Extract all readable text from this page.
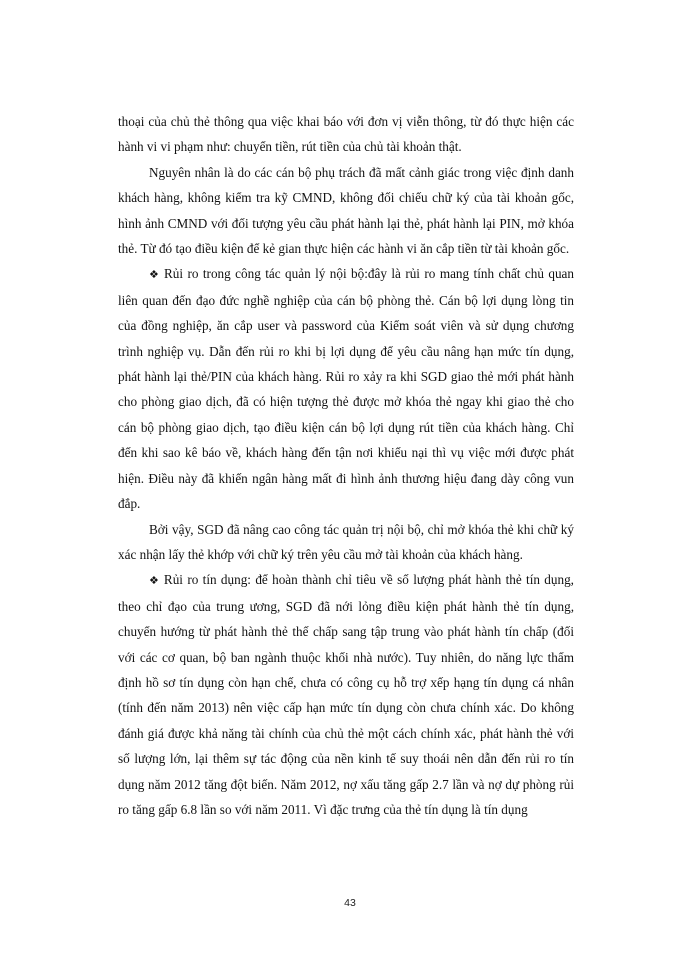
thoại của chủ thẻ thông qua việc khai báo với đơn vị viễn thông, từ đó thực hiện các hành vi vi phạm như: chuyển tiền, rút tiền của chủ tài khoản thật.

Nguyên nhân là do các cán bộ phụ trách đã mất cảnh giác trong việc định danh khách hàng, không kiểm tra kỹ CMND, không đối chiếu chữ ký của tài khoản gốc, hình ảnh CMND với đối tượng yêu cầu phát hành lại thẻ, phát hành lại PIN, mở khóa thẻ. Từ đó tạo điều kiện để kẻ gian thực hiện các hành vi ăn cắp tiền từ tài khoản gốc.

❖ Rủi ro trong công tác quản lý nội bộ:đây là rủi ro mang tính chất chủ quan liên quan đến đạo đức nghề nghiệp của cán bộ phòng thẻ. Cán bộ lợi dụng lòng tin của đồng nghiệp, ăn cắp user và password của Kiểm soát viên và sử dụng chương trình nghiệp vụ. Dẫn đến rủi ro khi bị lợi dụng để yêu cầu nâng hạn mức tín dụng, phát hành lại thẻ/PIN của khách hàng. Rủi ro xảy ra khi SGD giao thẻ mới phát hành cho phòng giao dịch, đã có hiện tượng thẻ được mở khóa thẻ ngay khi giao thẻ cho cán bộ phòng giao dịch, tạo điều kiện cán bộ lợi dụng rút tiền của khách hàng. Chỉ đến khi sao kê báo về, khách hàng đến tận nơi khiếu nại thì vụ việc mới được phát hiện. Điều này đã khiến ngân hàng mất đi hình ảnh thương hiệu đang dày công vun đắp.

Bởi vậy, SGD đã nâng cao công tác quản trị nội bộ, chỉ mở khóa thẻ khi chữ ký xác nhận lấy thẻ khớp với chữ ký trên yêu cầu mở tài khoản của khách hàng.

❖ Rủi ro tín dụng: để hoàn thành chỉ tiêu về số lượng phát hành thẻ tín dụng, theo chỉ đạo của trung ương, SGD đã nới lỏng điều kiện phát hành thẻ tín dụng, chuyển hướng từ phát hành thẻ thế chấp sang tập trung vào phát hành tín chấp (đối với các cơ quan, bộ ban ngành thuộc khối nhà nước). Tuy nhiên, do năng lực thẩm định hồ sơ tín dụng còn hạn chế, chưa có công cụ hỗ trợ xếp hạng tín dụng cá nhân (tính đến năm 2013) nên việc cấp hạn mức tín dụng còn chưa chính xác. Do không đánh giá được khả năng tài chính của chủ thẻ một cách chính xác, phát hành thẻ với số lượng lớn, lại thêm sự tác động của nền kinh tế suy thoái nên dẫn đến rủi ro tín dụng năm 2012 tăng đột biến. Năm 2012, nợ xấu tăng gấp 2.7 lần và nợ dự phòng rủi ro tăng gấp 6.8 lần so với năm 2011. Vì đặc trưng của thẻ tín dụng là tín dụng

43
